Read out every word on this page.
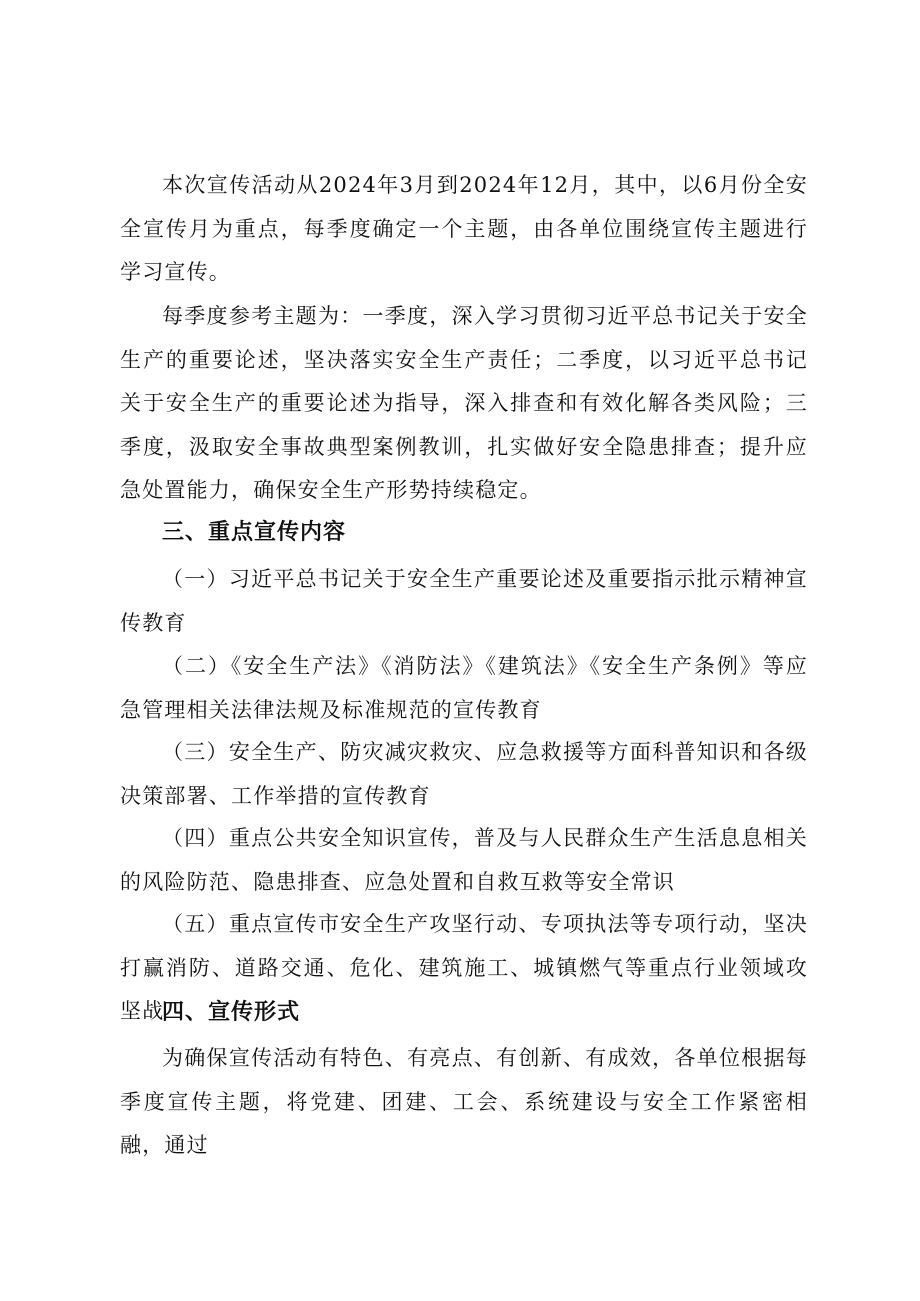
本次宣传活动从2024年3月到2024年12月，其中，以6月份全安全宣传月为重点，每季度确定一个主题，由各单位围绕宣传主题进行学习宣传。

每季度参考主题为：一季度，深入学习贯彻习近平总书记关于安全生产的重要论述，坚决落实安全生产责任；二季度，以习近平总书记关于安全生产的重要论述为指导，深入排查和有效化解各类风险；三季度，汲取安全事故典型案例教训，扎实做好安全隐患排查；提升应急处置能力，确保安全生产形势持续稳定。

三、重点宣传内容

（一）习近平总书记关于安全生产重要论述及重要指示批示精神宣传教育

（二）《安全生产法》《消防法》《建筑法》《安全生产条例》等应急管理相关法律法规及标准规范的宣传教育

（三）安全生产、防灾减灾救灾、应急救援等方面科普知识和各级决策部署、工作举措的宣传教育

（四）重点公共安全知识宣传，普及与人民群众生产生活息息相关的风险防范、隐患排查、应急处置和自救互救等安全常识

（五）重点宣传市安全生产攻坚行动、专项执法等专项行动，坚决打赢消防、道路交通、危化、建筑施工、城镇燃气等重点行业领域攻坚战

四、宣传形式

为确保宣传活动有特色、有亮点、有创新、有成效，各单位根据每季度宣传主题，将党建、团建、工会、系统建设与安全工作紧密相融，通过
